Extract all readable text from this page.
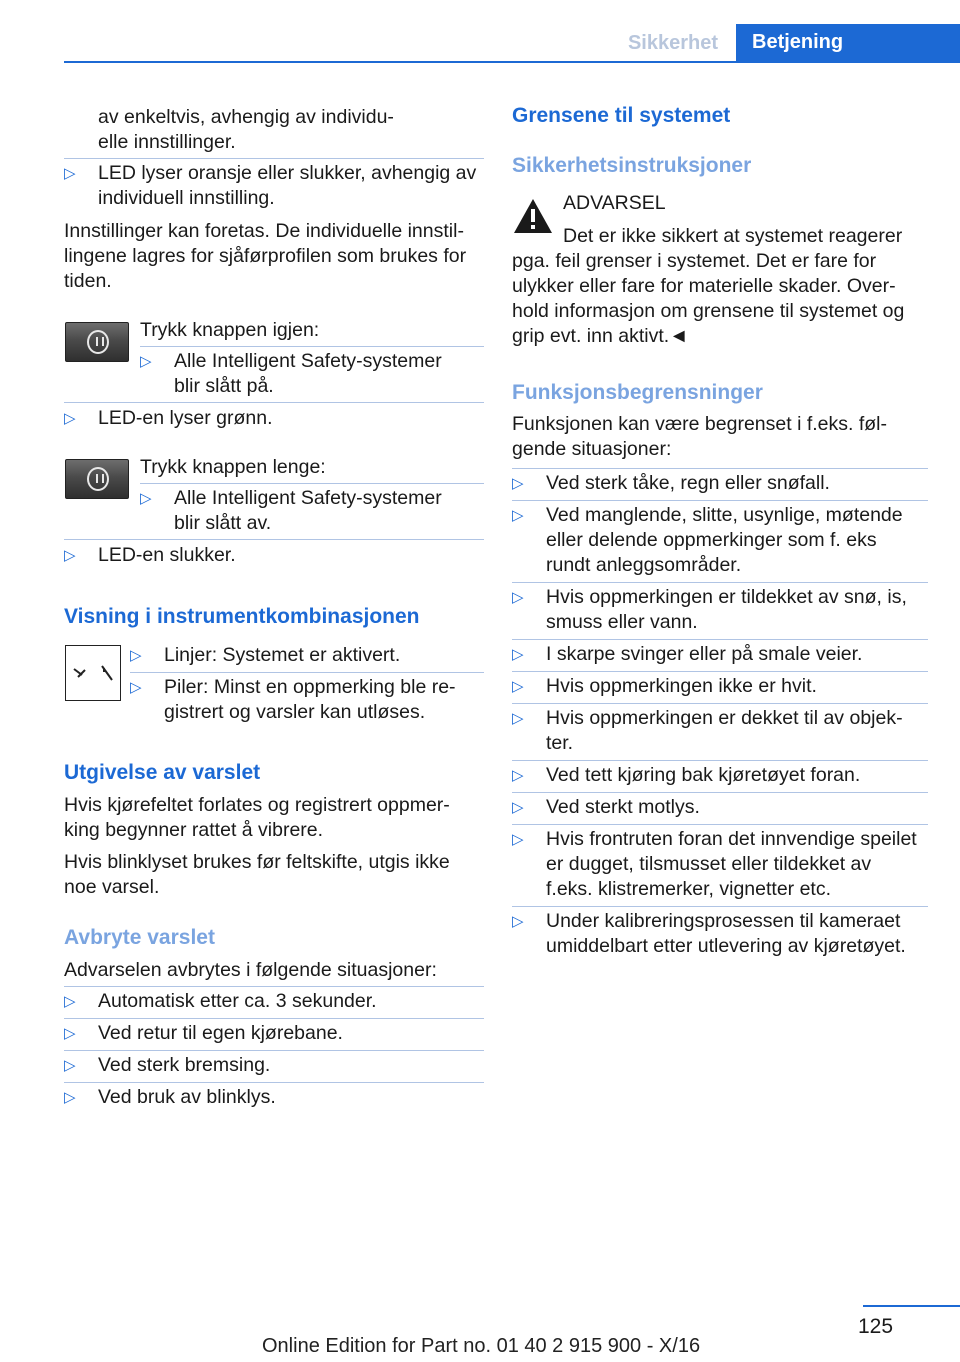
Sikkerhet	Betjening
av enkeltvis, avhengig av individu-
elle innstillinger.
▷ LED lyser oransje eller slukker, avhengig av
individuell innstilling.
Innstillinger kan foretas. De individuelle innstil-
lingene lagres for sjåførprofilen som brukes for
tiden.
Trykk knappen igjen:
▷ Alle Intelligent Safety-systemer
blir slått på.
▷ LED-en lyser grønn.
Trykk knappen lenge:
▷ Alle Intelligent Safety-systemer
blir slått av.
▷ LED-en slukker.
Visning i instrumentkombinasjonen
▷ Linjer: Systemet er aktivert.
▷ Piler: Minst en oppmerking ble re-
gistrert og varsler kan utløses.
Utgivelse av varslet
Hvis kjørefeltet forlates og registrert oppmer-
king begynner rattet å vibrere.
Hvis blinklyset brukes før feltskifte, utgis ikke
noe varsel.
Avbryte varslet
Advarselen avbrytes i følgende situasjoner:
▷ Automatisk etter ca. 3 sekunder.
▷ Ved retur til egen kjørebane.
▷ Ved sterk bremsing.
▷ Ved bruk av blinklys.
Grensene til systemet
Sikkerhetsinstruksjoner
ADVARSEL
Det er ikke sikkert at systemet reagerer
pga. feil grenser i systemet. Det er fare for
ulykker eller fare for materielle skader. Over-
hold informasjon om grensene til systemet og
grip evt. inn aktivt.◄
Funksjonsbegrensninger
Funksjonen kan være begrenset i f.eks. føl-
gende situasjoner:
▷ Ved sterk tåke, regn eller snøfall.
▷ Ved manglende, slitte, usynlige, møtende
eller delende oppmerkinger som f. eks
rundt anleggsområder.
▷ Hvis oppmerkingen er tildekket av snø, is,
smuss eller vann.
▷ I skarpe svinger eller på smale veier.
▷ Hvis oppmerkingen ikke er hvit.
▷ Hvis oppmerkingen er dekket til av objek-
ter.
▷ Ved tett kjøring bak kjøretøyet foran.
▷ Ved sterkt motlys.
▷ Hvis frontruten foran det innvendige speilet
er dugget, tilsmusset eller tildekket av
f.eks. klistremerker, vignetter etc.
▷ Under kalibreringsprosessen til kameraet
umiddelbart etter utlevering av kjøretøyet.
125
Online Edition for Part no. 01 40 2 915 900 - X/16
